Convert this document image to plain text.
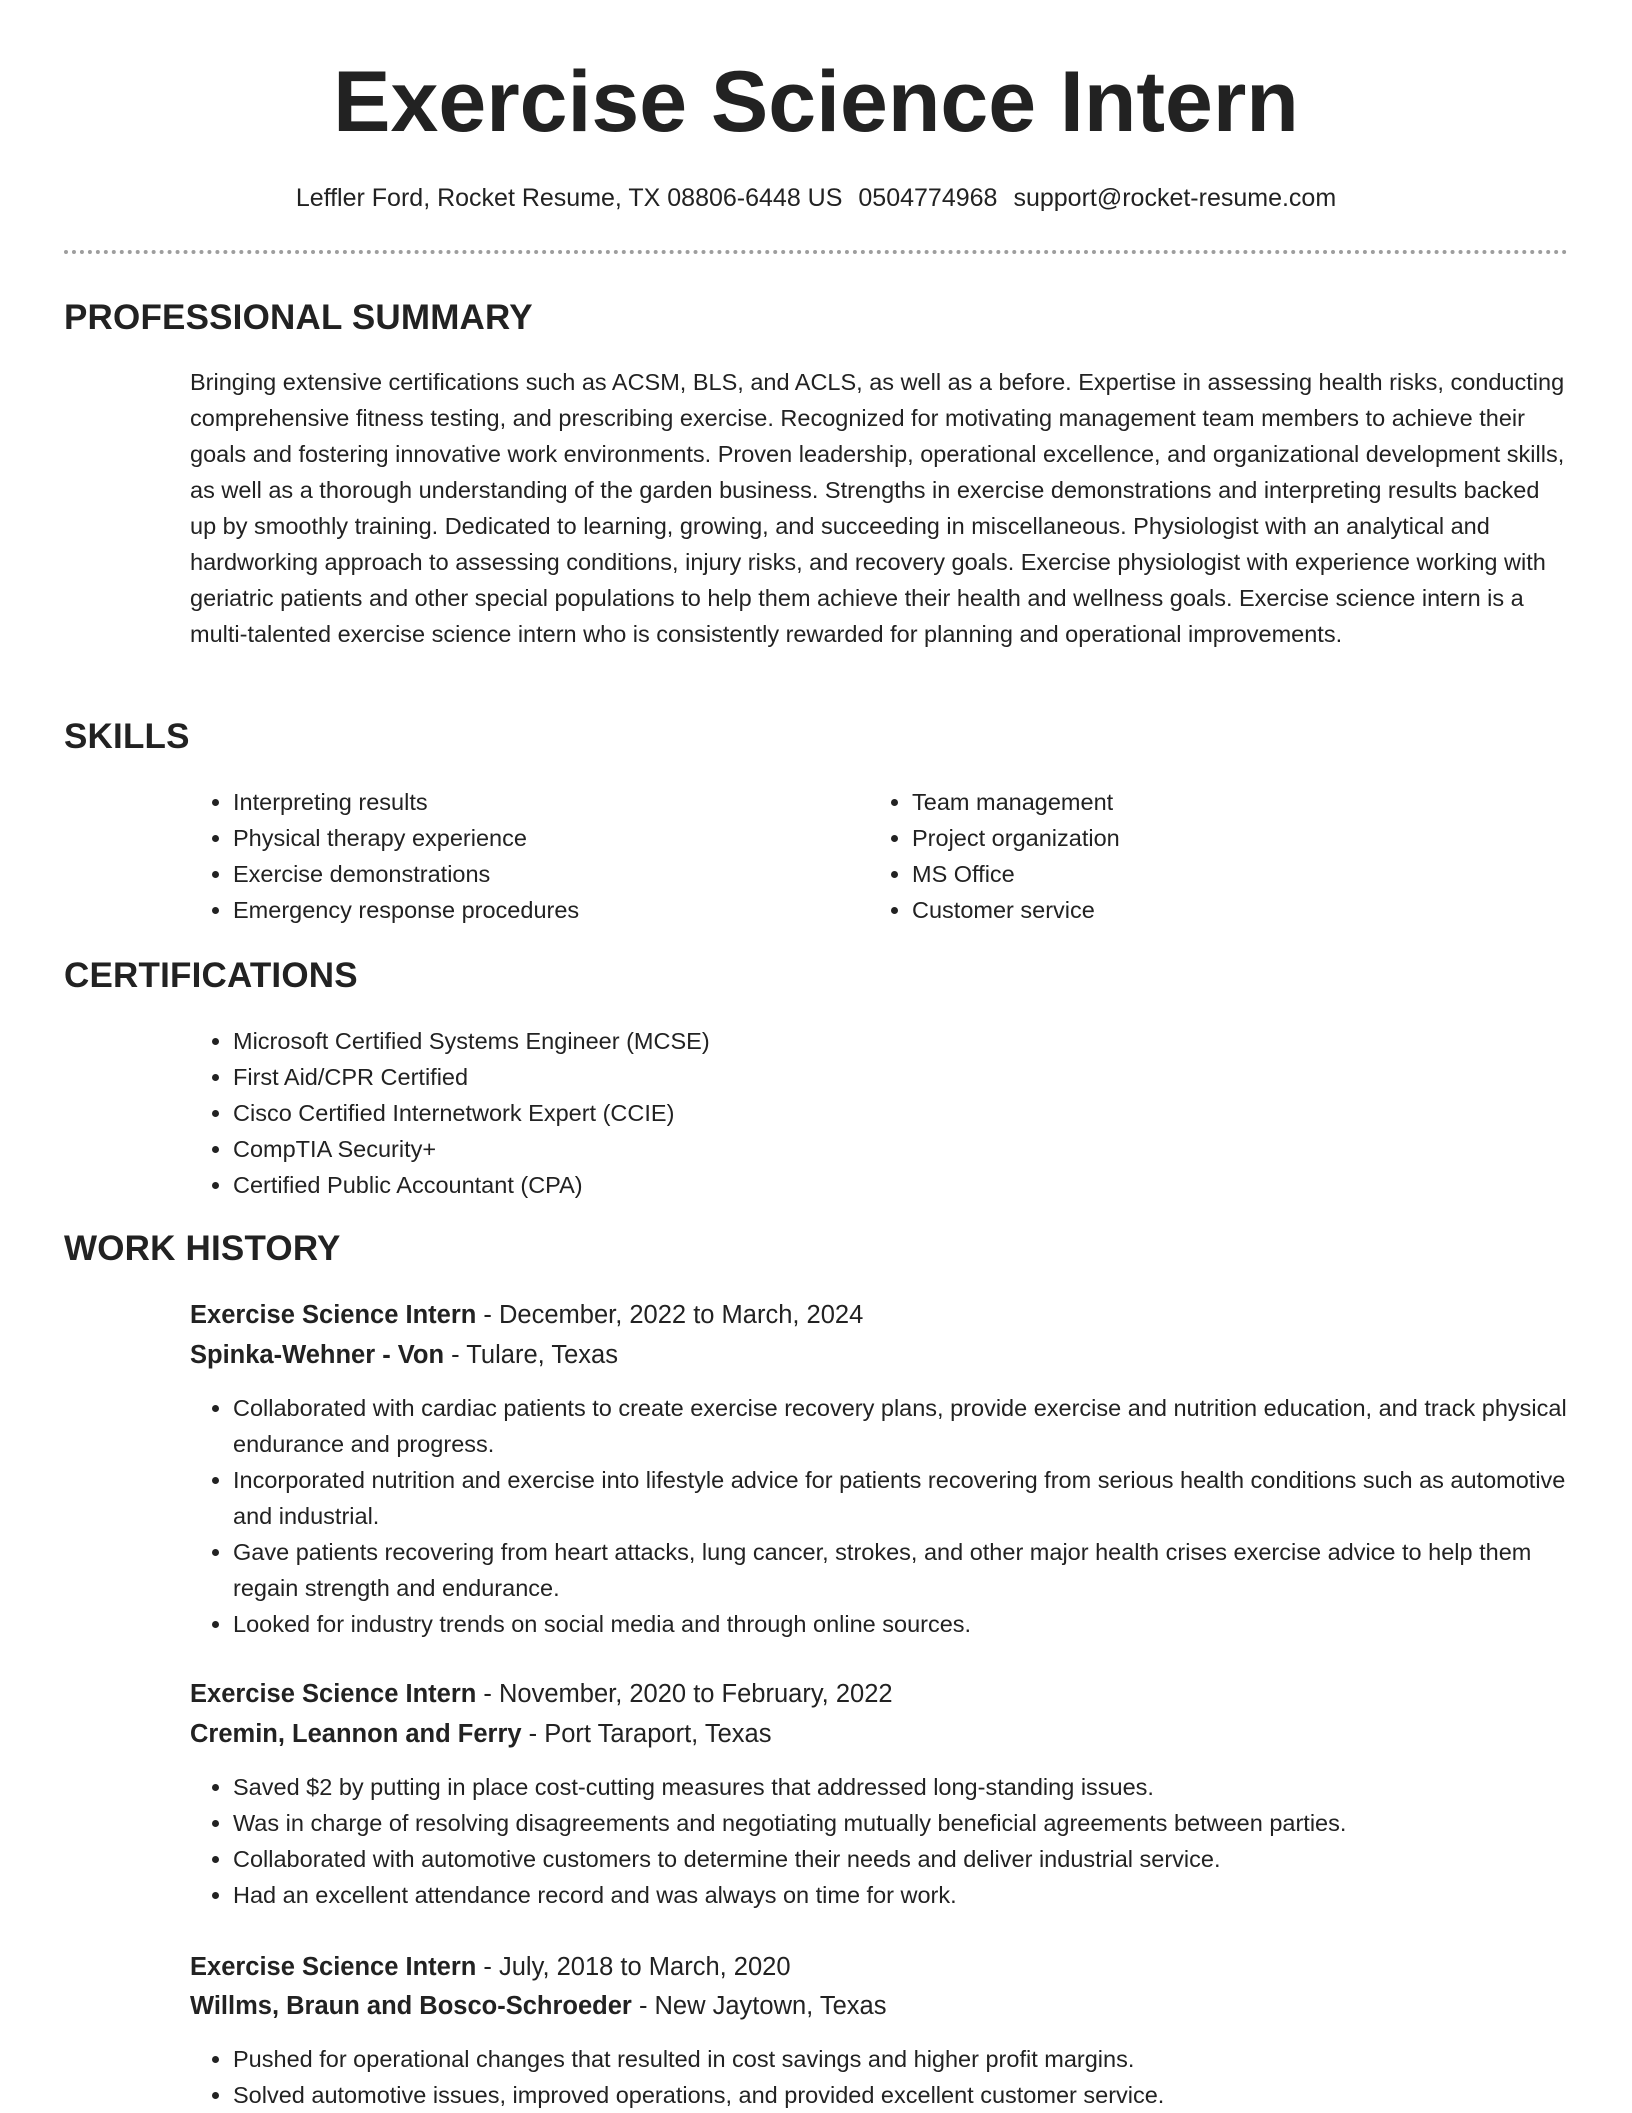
Exercise Science Intern
Leffler Ford, Rocket Resume, TX 08806-6448 US 0504774968 support@rocket-resume.com
PROFESSIONAL SUMMARY

Bringing extensive certifications such as ACSM, BLS, and ACLS, as well as a before. Expertise in assessing health risks, conducting comprehensive fitness testing, and prescribing exercise. Recognized for motivating management team members to achieve their goals and fostering innovative work environments. Proven leadership, operational excellence, and organizational development skills, as well as a thorough understanding of the garden business. Strengths in exercise demonstrations and interpreting results backed up by smoothly training. Dedicated to learning, growing, and succeeding in miscellaneous. Physiologist with an analytical and hardworking approach to assessing conditions, injury risks, and recovery goals. Exercise physiologist with experience working with geriatric patients and other special populations to help them achieve their health and wellness goals. Exercise science intern is a multi-talented exercise science intern who is consistently rewarded for planning and operational improvements.

SKILLS
• Interpreting results
• Physical therapy experience
• Exercise demonstrations
• Emergency response procedures
• Team management
• Project organization
• MS Office
• Customer service
CERTIFICATIONS
• Microsoft Certified Systems Engineer (MCSE)
• First Aid/CPR Certified
• Cisco Certified Internetwork Expert (CCIE)
• CompTIA Security+
• Certified Public Accountant (CPA)
WORK HISTORY
Exercise Science Intern - December, 2022 to March, 2024
Spinka-Wehner - Von - Tulare, Texas
• Collaborated with cardiac patients to create exercise recovery plans, provide exercise and nutrition education, and track physical endurance and progress.
• Incorporated nutrition and exercise into lifestyle advice for patients recovering from serious health conditions such as automotive and industrial.
• Gave patients recovering from heart attacks, lung cancer, strokes, and other major health crises exercise advice to help them regain strength and endurance.
• Looked for industry trends on social media and through online sources.
Exercise Science Intern - November, 2020 to February, 2022
Cremin, Leannon and Ferry - Port Taraport, Texas
• Saved $2 by putting in place cost-cutting measures that addressed long-standing issues.
• Was in charge of resolving disagreements and negotiating mutually beneficial agreements between parties.
• Collaborated with automotive customers to determine their needs and deliver industrial service.
• Had an excellent attendance record and was always on time for work.
Exercise Science Intern - July, 2018 to March, 2020
Willms, Braun and Bosco-Schroeder - New Jaytown, Texas
• Pushed for operational changes that resulted in cost savings and higher profit margins.
• Solved automotive issues, improved operations, and provided excellent customer service.
